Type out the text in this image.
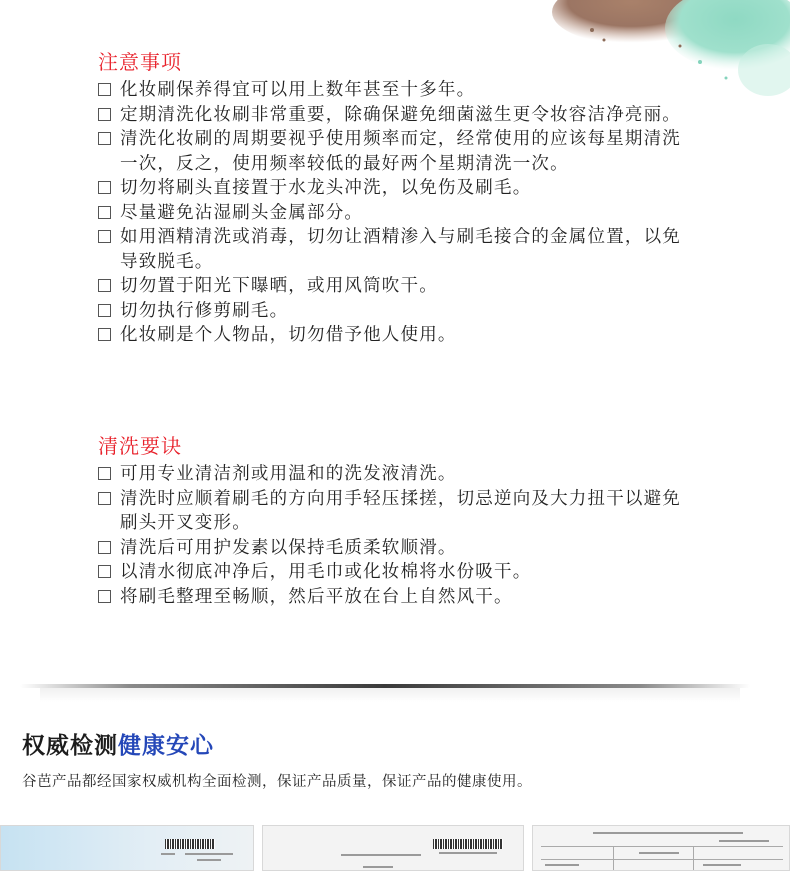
注意事项
化妆刷保养得宜可以用上数年甚至十多年。
定期清洗化妆刷非常重要，除确保避免细菌滋生更令妆容洁净亮丽。
清洗化妆刷的周期要视乎使用频率而定，经常使用的应该每星期清洗一次，反之，使用频率较低的最好两个星期清洗一次。
切勿将刷头直接置于水龙头冲洗，以免伤及刷毛。
尽量避免沾湿刷头金属部分。
如用酒精清洗或消毒，切勿让酒精渗入与刷毛接合的金属位置，以免导致脱毛。
切勿置于阳光下曝晒，或用风筒吹干。
切勿执行修剪刷毛。
化妆刷是个人物品，切勿借予他人使用。
清洗要诀
可用专业清洁剂或用温和的洗发液清洗。
清洗时应顺着刷毛的方向用手轻压揉搓，切忌逆向及大力扭干以避免刷头开叉变形。
清洗后可用护发素以保持毛质柔软顺滑。
以清水彻底冲净后，用毛巾或化妆棉将水份吸干。
将刷毛整理至畅顺，然后平放在台上自然风干。
权威检测健康安心

谷芭产品都经国家权威机构全面检测，保证产品质量，保证产品的健康使用。
